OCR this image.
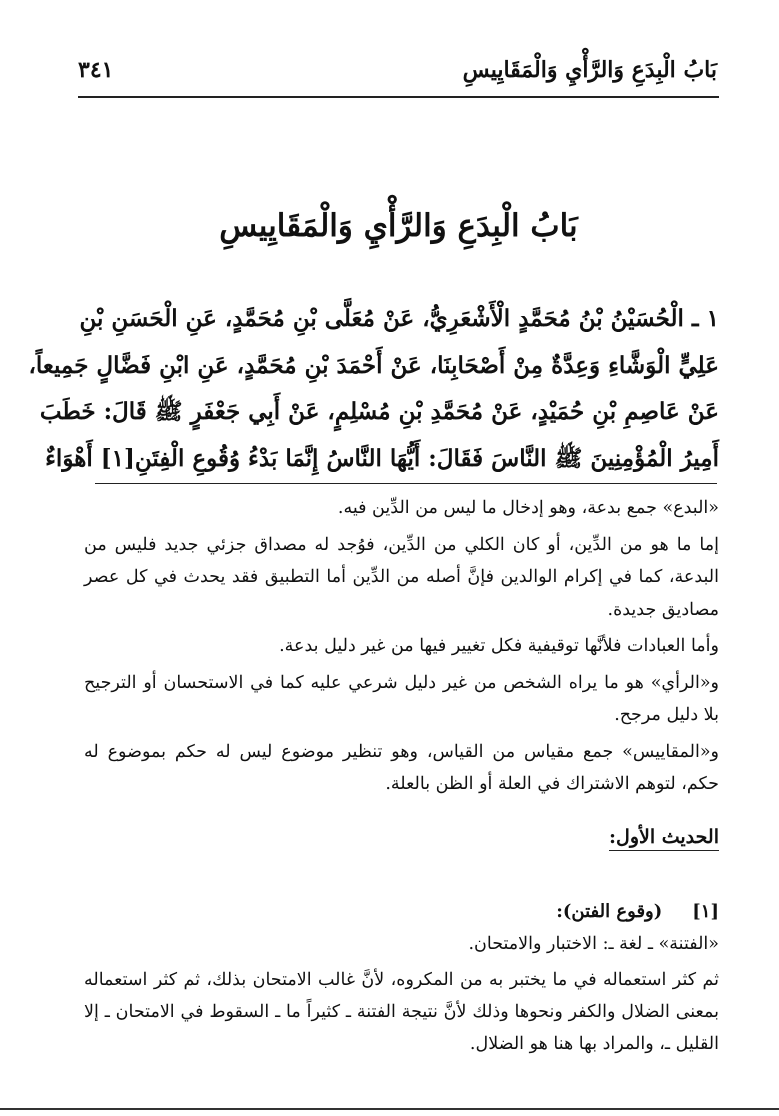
٣٤١	بَابُ الْبِدَعِ وَالرَّأْيِ وَالْمَقَايِيسِ
بَابُ الْبِدَعِ وَالرَّأْيِ وَالْمَقَايِيسِ
١ ـ الْحُسَيْنُ بْنُ مُحَمَّدٍ الْأَشْعَرِيُّ، عَنْ مُعَلَّى بْنِ مُحَمَّدٍ، عَنِ الْحَسَنِ بْنِ
عَلِيٍّ الْوَشَّاءِ وَعِدَّةٌ مِنْ أَصْحَابِنَا، عَنْ أَحْمَدَ بْنِ مُحَمَّدٍ، عَنِ ابْنِ فَضَّالٍ جَمِيعاً،
عَنْ عَاصِمِ بْنِ حُمَيْدٍ، عَنْ مُحَمَّدِ بْنِ مُسْلِمٍ، عَنْ أَبِي جَعْفَرٍ ﷺ قَالَ: خَطَبَ
أَمِيرُ الْمُؤْمِنِينَ ﷺ النَّاسَ فَقَالَ: أَيُّهَا النَّاسُ إِنَّمَا بَدْءُ وُقُوعِ الْفِتَنِ[١] أَهْوَاءٌ

«البدع» جمع بدعة، وهو إدخال ما ليس من الدِّين فيه.

إما ما هو من الدِّين، أو كان الكلي من الدِّين، فوُجد له مصداق جزئي جديد فليس من البدعة، كما في إكرام الوالدين فإنَّ أصله من الدِّين أما التطبيق فقد يحدث في كل عصر مصاديق جديدة.

وأما العبادات فلأنَّها توقيفية فكل تغيير فيها من غير دليل بدعة.

و«الرأي» هو ما يراه الشخص من غير دليل شرعي عليه كما في الاستحسان أو الترجيح بلا دليل مرجح.

و«المقاييس» جمع مقياس من القياس، وهو تنظير موضوع ليس له حكم بموضوع له حكم، لتوهم الاشتراك في العلة أو الظن بالعلة.

الحديث الأول:
[١]
(وقوع الفتن):

«الفتنة» ـ لغة ـ: الاختبار والامتحان.

ثم كثر استعماله في ما يختبر به من المكروه، لأنَّ غالب الامتحان بذلك، ثم كثر استعماله بمعنى الضلال والكفر ونحوها وذلك لأنَّ نتيجة الفتنة ـ كثيراً ما ـ السقوط في الامتحان ـ إلا القليل ـ، والمراد بها هنا هو الضلال.
